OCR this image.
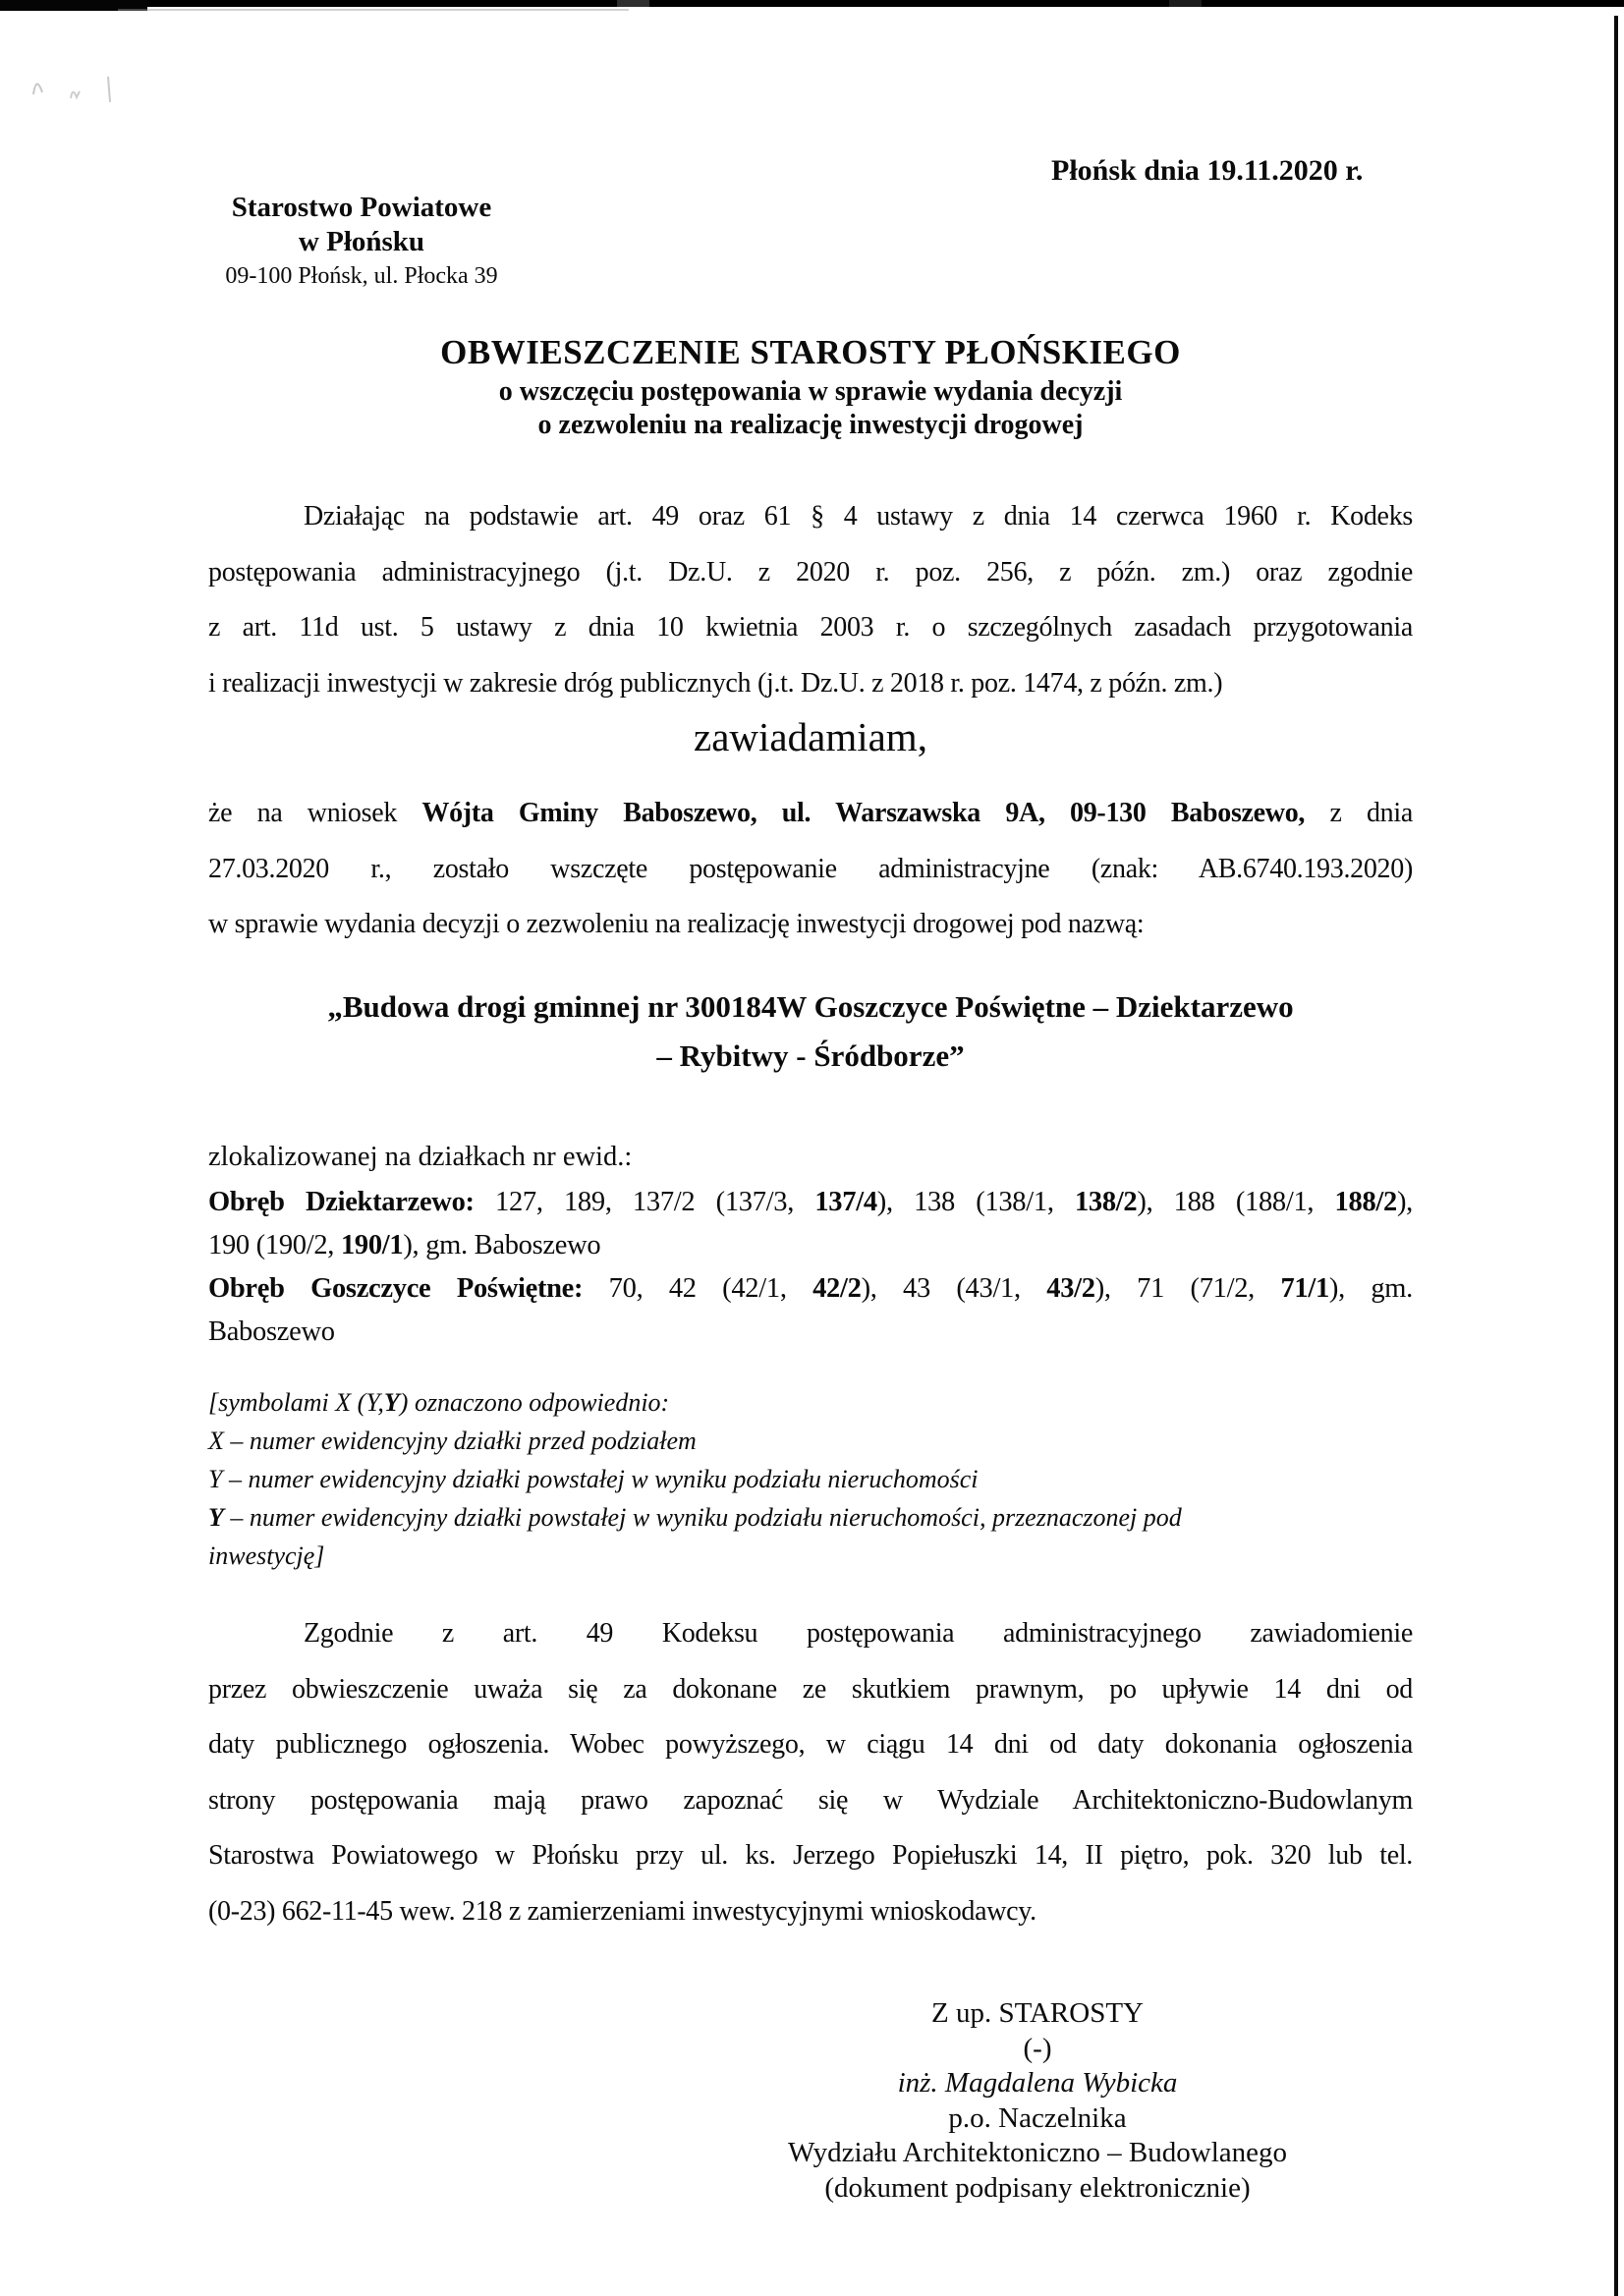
Płońsk dnia 19.11.2020 r.
Starostwo Powiatowe
w Płońsku
09-100 Płońsk, ul. Płocka 39
OBWIESZCZENIE STAROSTY PŁOŃSKIEGO
o wszczęciu postępowania w sprawie wydania decyzji
o zezwoleniu na realizację inwestycji drogowej
Działając na podstawie art. 49 oraz 61 § 4 ustawy z dnia 14 czerwca 1960 r. Kodeks
postępowania administracyjnego (j.t. Dz.U. z 2020 r. poz. 256, z późn. zm.) oraz zgodnie
z art. 11d ust. 5 ustawy z dnia 10 kwietnia 2003 r. o szczególnych zasadach przygotowania
i realizacji inwestycji w zakresie dróg publicznych (j.t. Dz.U. z 2018 r. poz. 1474, z późn. zm.)
zawiadamiam,
że na wniosek Wójta Gminy Baboszewo, ul. Warszawska 9A, 09-130 Baboszewo, z dnia
27.03.2020 r., zostało wszczęte postępowanie administracyjne (znak: AB.6740.193.2020)
w sprawie wydania decyzji o zezwoleniu na realizację inwestycji drogowej pod nazwą:
„Budowa drogi gminnej nr 300184W Goszczyce Poświętne – Dziektarzewo
– Rybitwy - Śródborze”
zlokalizowanej na działkach nr ewid.:
Obręb Dziektarzewo: 127, 189, 137/2 (137/3, 137/4), 138 (138/1, 138/2), 188 (188/1, 188/2),
190 (190/2, 190/1), gm. Baboszewo
Obręb Goszczyce Poświętne: 70, 42 (42/1, 42/2), 43 (43/1, 43/2), 71 (71/2, 71/1), gm.
Baboszewo
[symbolami X (Y,Y) oznaczono odpowiednio:
X – numer ewidencyjny działki przed podziałem
Y – numer ewidencyjny działki powstałej w wyniku podziału nieruchomości
Y – numer ewidencyjny działki powstałej w wyniku podziału nieruchomości, przeznaczonej pod
inwestycję]
Zgodnie z art. 49 Kodeksu postępowania administracyjnego zawiadomienie
przez obwieszczenie uważa się za dokonane ze skutkiem prawnym, po upływie 14 dni od
daty publicznego ogłoszenia. Wobec powyższego, w ciągu 14 dni od daty dokonania ogłoszenia
strony postępowania mają prawo zapoznać się w Wydziale Architektoniczno-Budowlanym
Starostwa Powiatowego w Płońsku przy ul. ks. Jerzego Popiełuszki 14, II piętro, pok. 320 lub tel.
(0-23) 662-11-45 wew. 218 z zamierzeniami inwestycyjnymi wnioskodawcy.
Z up. STAROSTY
(-)
inż. Magdalena Wybicka
p.o. Naczelnika
Wydziału Architektoniczno – Budowlanego
(dokument podpisany elektronicznie)
